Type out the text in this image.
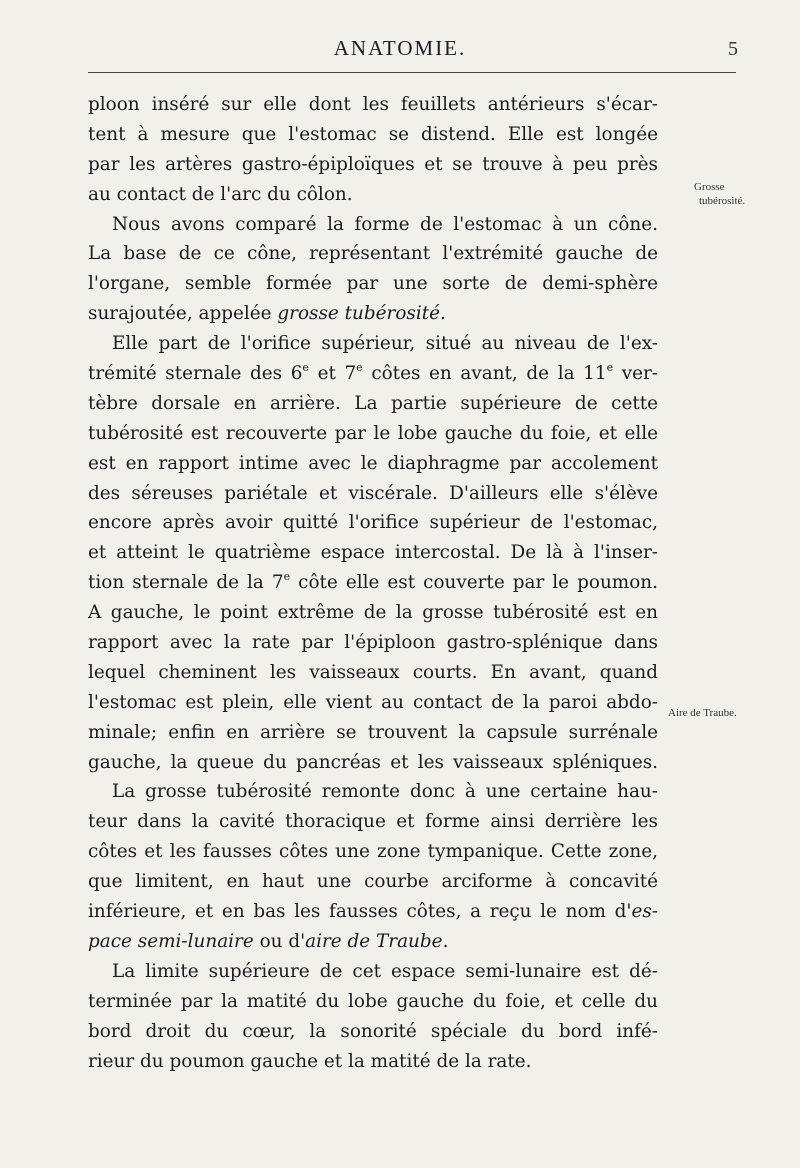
ANATOMIE.	5
Grosse
tubérosité.
Aire de Traube.
ploon inséré sur elle dont les feuillets antérieurs s'écar-
tent à mesure que l'estomac se distend. Elle est longée
par les artères gastro-épiploïques et se trouve à peu près
au contact de l'arc du côlon.
Nous avons comparé la forme de l'estomac à un cône.
La base de ce cône, représentant l'extrémité gauche de
l'organe, semble formée par une sorte de demi-sphère
surajoutée, appelée grosse tubérosité.
Elle part de l'orifice supérieur, situé au niveau de l'ex-
trémité sternale des 6e et 7e côtes en avant, de la 11e ver-
tèbre dorsale en arrière. La partie supérieure de cette
tubérosité est recouverte par le lobe gauche du foie, et elle
est en rapport intime avec le diaphragme par accolement
des séreuses pariétale et viscérale. D'ailleurs elle s'élève
encore après avoir quitté l'orifice supérieur de l'estomac,
et atteint le quatrième espace intercostal. De là à l'inser-
tion sternale de la 7e côte elle est couverte par le poumon.
A gauche, le point extrême de la grosse tubérosité est en
rapport avec la rate par l'épiploon gastro-splénique dans
lequel cheminent les vaisseaux courts. En avant, quand
l'estomac est plein, elle vient au contact de la paroi abdo-
minale; enfin en arrière se trouvent la capsule surrénale
gauche, la queue du pancréas et les vaisseaux spléniques.
La grosse tubérosité remonte donc à une certaine hau-
teur dans la cavité thoracique et forme ainsi derrière les
côtes et les fausses côtes une zone tympanique. Cette zone,
que limitent, en haut une courbe arciforme à concavité
inférieure, et en bas les fausses côtes, a reçu le nom d'es-
pace semi-lunaire ou d'aire de Traube.
La limite supérieure de cet espace semi-lunaire est dé-
terminée par la matité du lobe gauche du foie, et celle du
bord droit du cœur, la sonorité spéciale du bord infé-
rieur du poumon gauche et la matité de la rate.
